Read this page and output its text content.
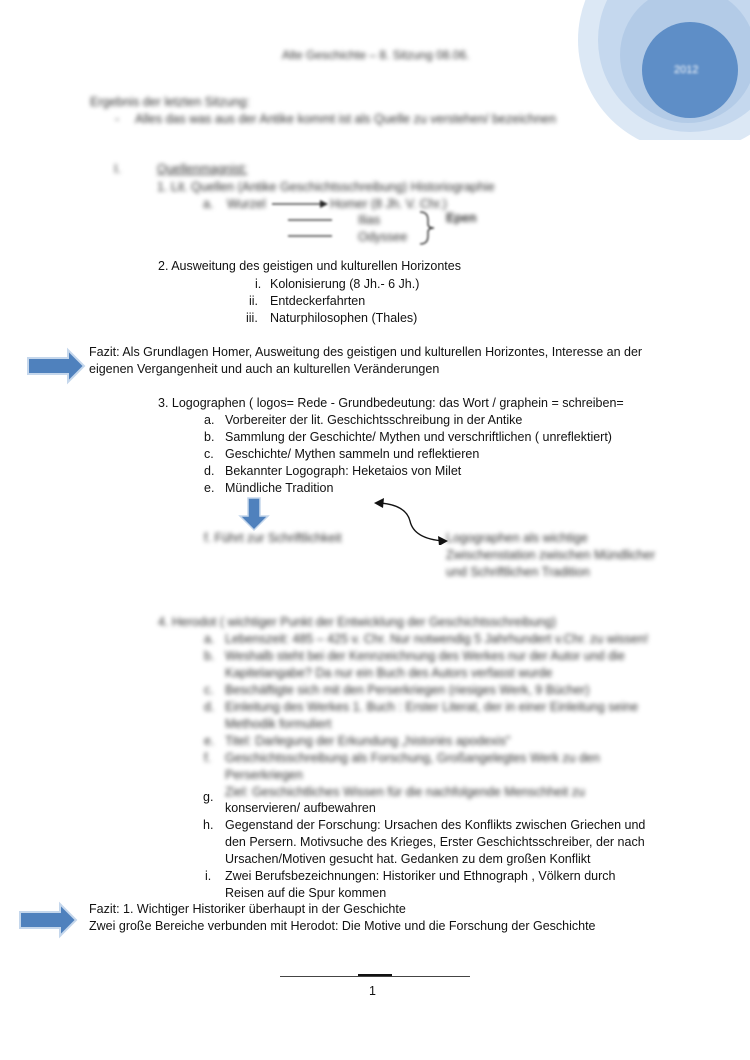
2012
Alte Geschichte – 8. Sitzung 08.06.
Ergebnis der letzten Sitzung:
- Alles das was aus der Antike kommt ist als Quelle zu verstehen/ bezeichnen
I.	Quellenmagnist:
1. Lit. Quellen (Antike Geschichtsschreibung) Historiographie
a. Wurzel	Homer (8 Jh. V. Chr.)
Ilias
Odyssee
Epen
2. Ausweitung des geistigen und kulturellen Horizontes
i. Kolonisierung (8 Jh.- 6 Jh.)
ii. Entdeckerfahrten
iii. Naturphilosophen (Thales)
Fazit: Als Grundlagen Homer, Ausweitung des geistigen und kulturellen Horizontes, Interesse an der
eigenen Vergangenheit und auch an kulturellen Veränderungen
3. Logographen ( logos= Rede - Grundbedeutung: das Wort / graphein = schreiben=
a. Vorbereiter der lit. Geschichtsschreibung in der Antike
b. Sammlung der Geschichte/ Mythen und verschriftlichen ( unreflektiert)
c. Geschichte/ Mythen sammeln und reflektieren
d. Bekannter Logograph: Heketaios von Milet
e. Mündliche Tradition
f. Führt zur Schriftlichkeit	Logographen als wichtige
Zwischenstation zwischen Mündlicher
und Schriftlichen Tradition
4. Herodot ( wichtiger Punkt der Entwicklung der Geschichtsschreibung)
a. Lebenszeit: 485 – 425 v. Chr. Nur notwendig 5 Jahrhundert v.Chr. zu wissen!
b. Weshalb steht bei der Kennzeichnung des Werkes nur der Autor und die
Kapitelangabe? Da nur ein Buch des Autors verfasst wurde
c. Beschäftigte sich mit den Perserkriegen (riesiges Werk, 9 Bücher)
d. Einleitung des Werkes 1. Buch : Erster Literat, der in einer Einleitung seine
Methodik formuliert
e. Titel: Darlegung der Erkundung „historiės apodexis"
f. Geschichtsschreibung als Forschung, Großangelegtes Werk zu den
Perserkriegen
Ziel: Geschichtliches Wissen für die nachfolgende Menschheit zu
g.
konservieren/ aufbewahren
h. Gegenstand der Forschung: Ursachen des Konflikts zwischen Griechen und
den Persern. Motivsuche des Krieges, Erster Geschichtsschreiber, der nach
Ursachen/Motiven gesucht hat. Gedanken zu dem großen Konflikt
i. Zwei Berufsbezeichnungen: Historiker und Ethnograph , Völkern durch
Reisen auf die Spur kommen
Fazit: 1. Wichtiger Historiker überhaupt in der Geschichte
Zwei große Bereiche verbunden mit Herodot: Die Motive und die Forschung der Geschichte
1
